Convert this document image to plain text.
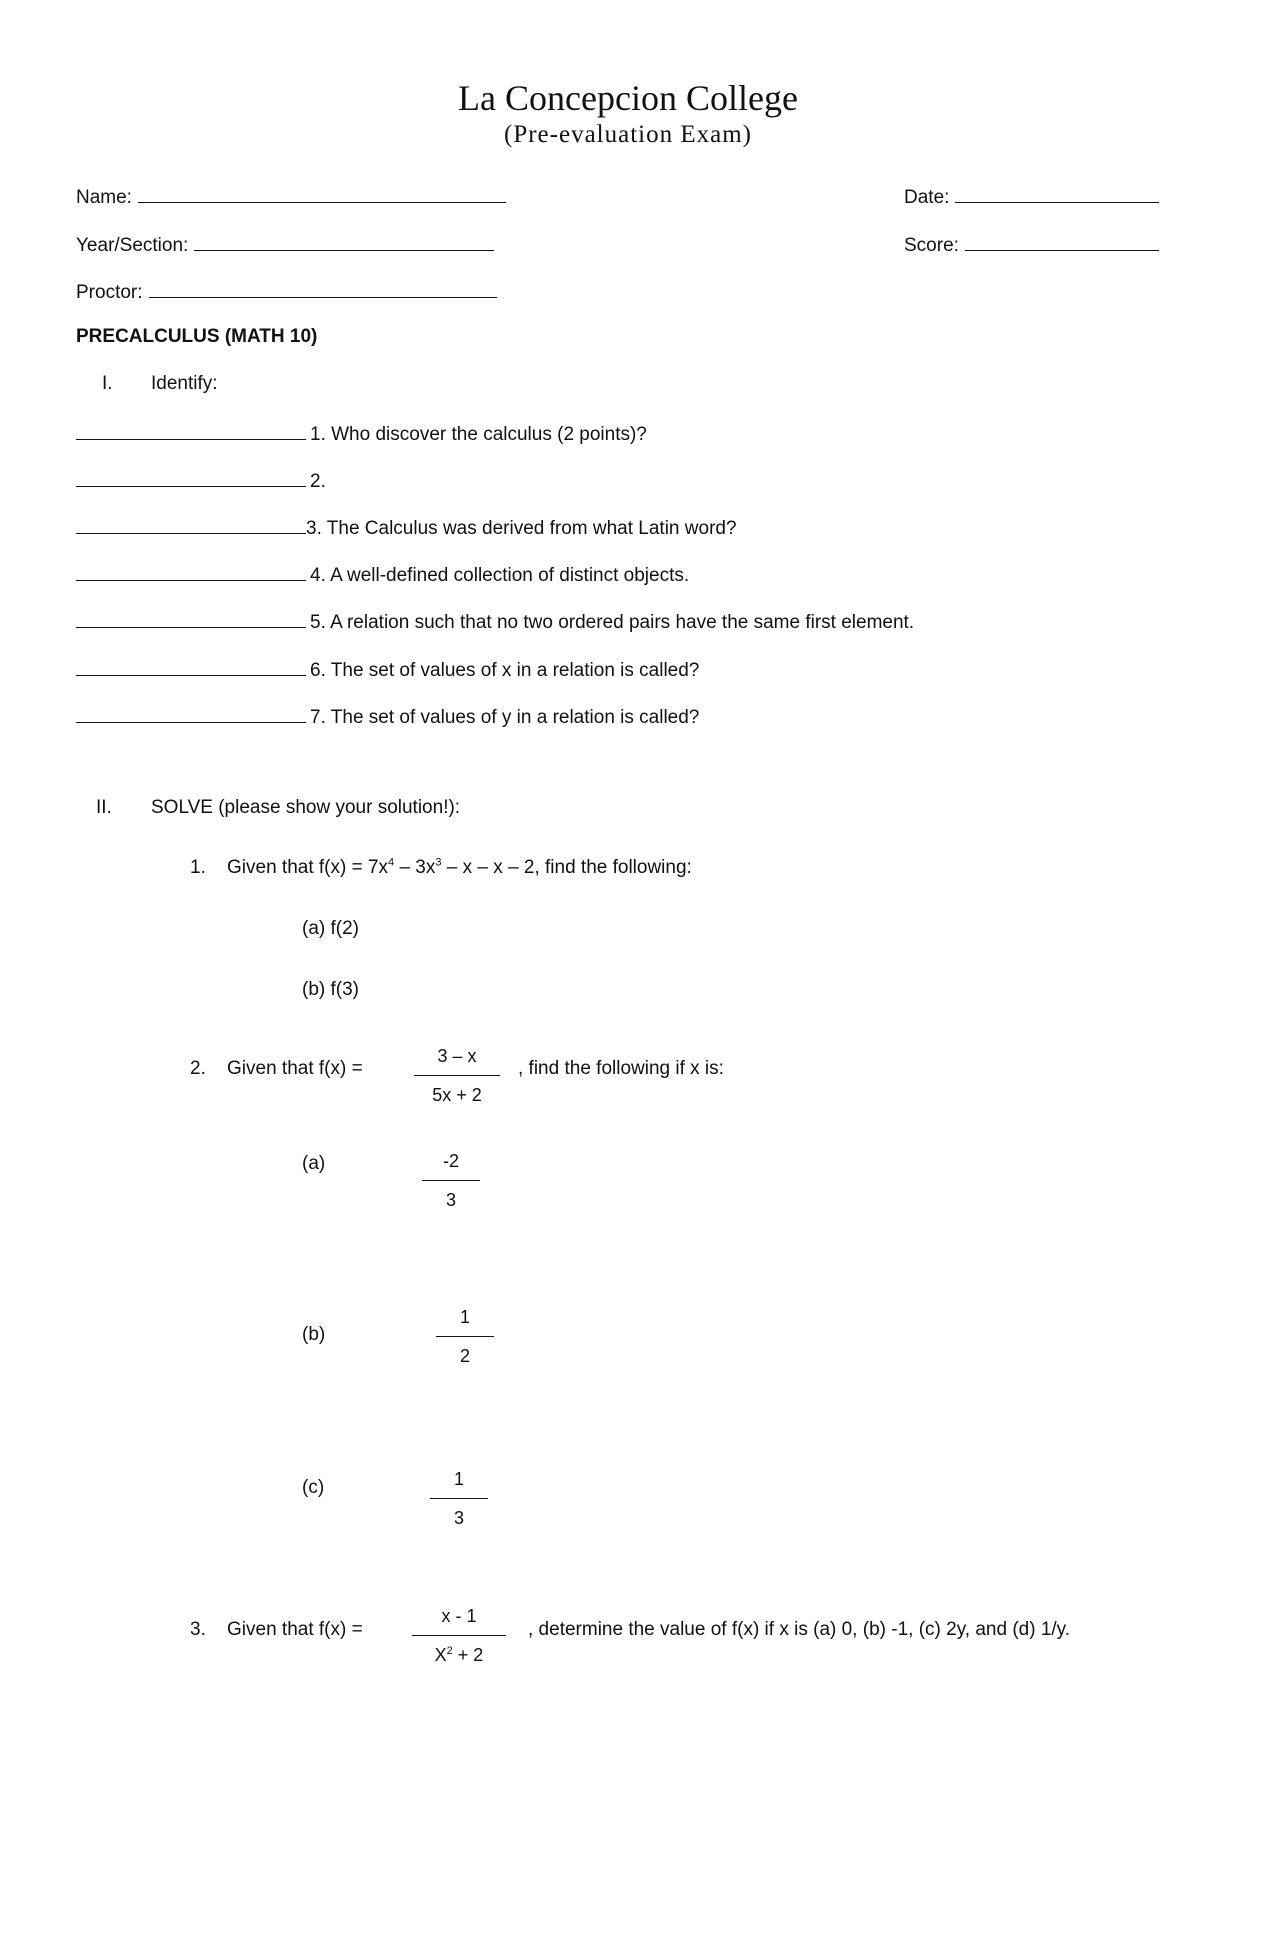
La Concepcion College
(Pre-evaluation Exam)
Name:	Date:
Year/Section:	Score:
Proctor:
PRECALCULUS (MATH 10)
I. Identify:
1. Who discover the calculus (2 points)?
2.
3. The Calculus was derived from what Latin word?
4. A well-defined collection of distinct objects.
5. A relation such that no two ordered pairs have the same first element.
6. The set of values of x in a relation is called?
7. The set of values of y in a relation is called?
II. SOLVE (please show your solution!):
1. Given that $f(x) = 7x^4 - 3x^3 - x - x - 2$, find the following:
(a) f(2)
(b) f(3)
2. Given that f(x) =
3 – x
5x + 2
, find the following if x is:
(a)	-2
3
(b)
1
2
(c)	1
3
3. Given that f(x) =
x - 1
$X^2 + 2$
, determine the value of f(x) if x is (a) 0, (b) -1, (c) 2y, and (d) 1/y.
